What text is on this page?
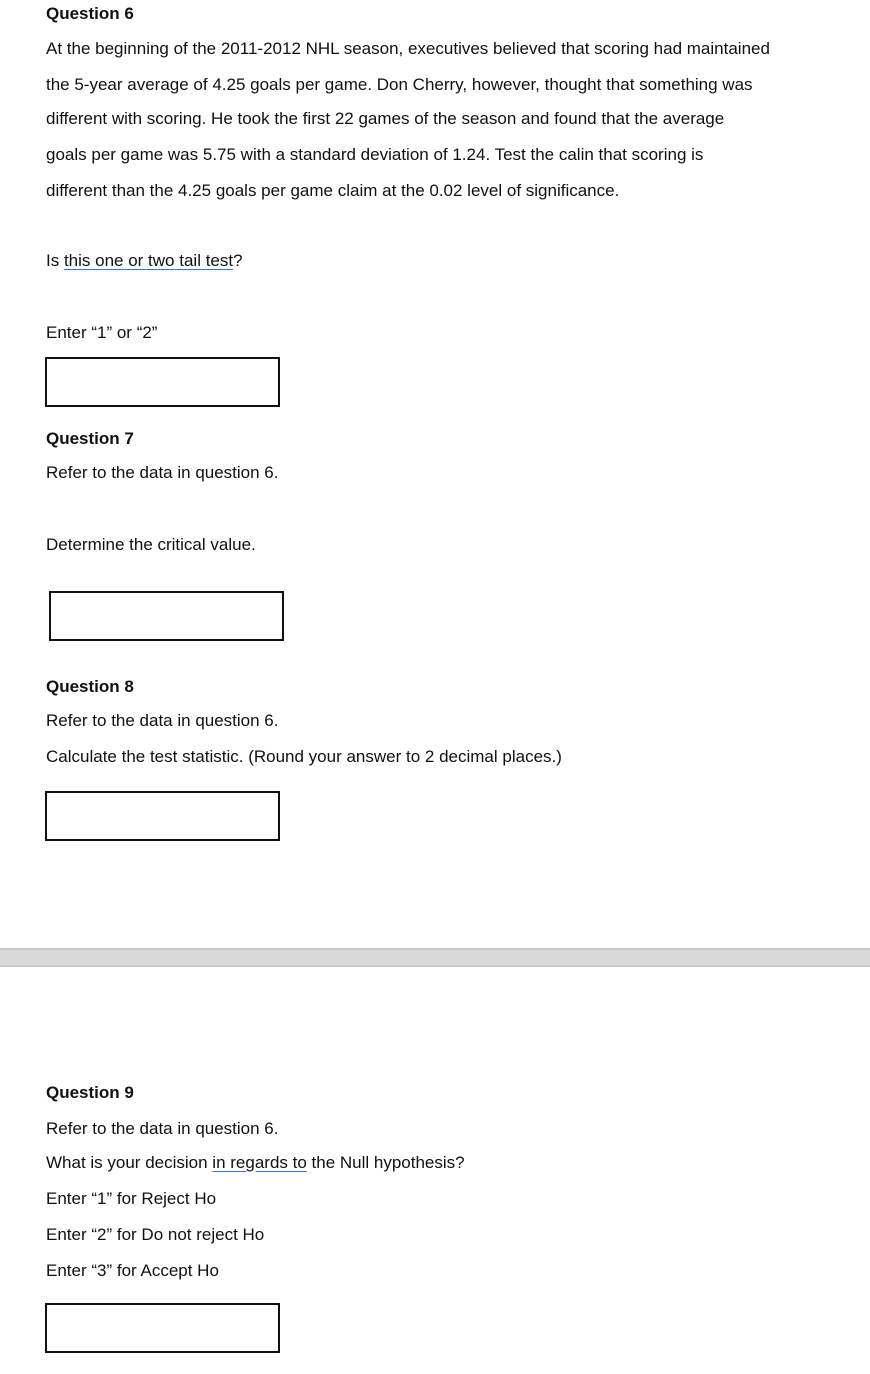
Question 6

At the beginning of the 2011-2012 NHL season, executives believed that scoring had maintained

the 5-year average of 4.25 goals per game. Don Cherry, however, thought that something was

different with scoring. He took the first 22 games of the season and found that the average

goals per game was 5.75 with a standard deviation of 1.24. Test the calin that scoring is

different than the 4.25 goals per game claim at the 0.02 level of significance.

Is this one or two tail test?

Enter “1” or “2”

Question 7

Refer to the data in question 6.

Determine the critical value.

Question 8

Refer to the data in question 6.

Calculate the test statistic. (Round your answer to 2 decimal places.)

Question 9

Refer to the data in question 6.

What is your decision in regards to the Null hypothesis?

Enter “1” for Reject Ho

Enter “2” for Do not reject Ho

Enter “3” for Accept Ho
